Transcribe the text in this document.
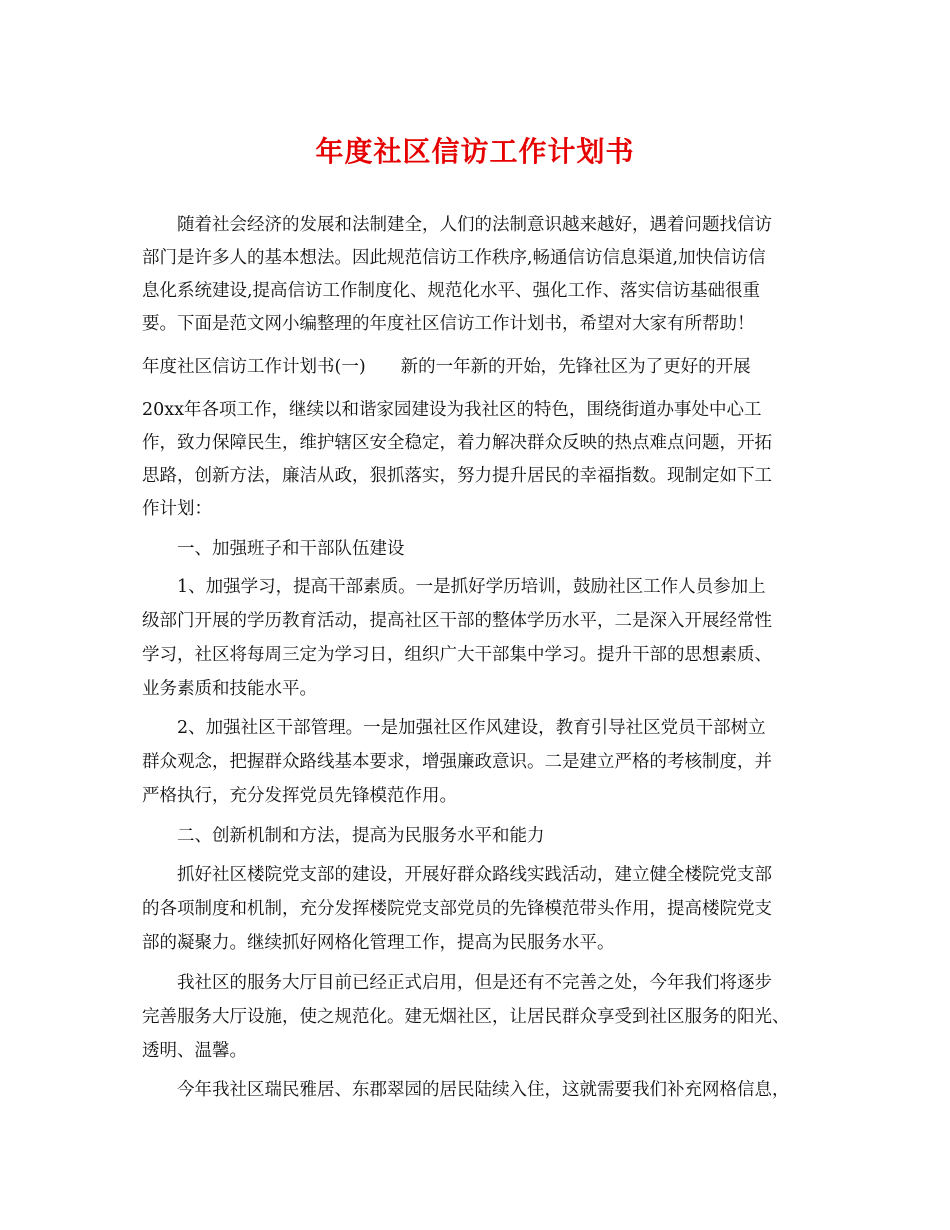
年度社区信访工作计划书
随着社会经济的发展和法制建全，人们的法制意识越来越好，遇着问题找信访
部门是许多人的基本想法。因此规范信访工作秩序,畅通信访信息渠道,加快信访信
息化系统建设,提高信访工作制度化、规范化水平、强化工作、落实信访基础很重
要。下面是范文网小编整理的年度社区信访工作计划书，希望对大家有所帮助！
年度社区信访工作计划书(一)　　新的一年新的开始，先锋社区为了更好的开展
20xx年各项工作，继续以和谐家园建设为我社区的特色，围绕街道办事处中心工
作，致力保障民生，维护辖区安全稳定，着力解决群众反映的热点难点问题，开拓
思路，创新方法，廉洁从政，狠抓落实，努力提升居民的幸福指数。现制定如下工
作计划：
一、加强班子和干部队伍建设
1、加强学习，提高干部素质。一是抓好学历培训，鼓励社区工作人员参加上
级部门开展的学历教育活动，提高社区干部的整体学历水平，二是深入开展经常性
学习，社区将每周三定为学习日，组织广大干部集中学习。提升干部的思想素质、
业务素质和技能水平。
2、加强社区干部管理。一是加强社区作风建设，教育引导社区党员干部树立
群众观念，把握群众路线基本要求，增强廉政意识。二是建立严格的考核制度，并
严格执行，充分发挥党员先锋模范作用。
二、创新机制和方法，提高为民服务水平和能力
抓好社区楼院党支部的建设，开展好群众路线实践活动，建立健全楼院党支部
的各项制度和机制，充分发挥楼院党支部党员的先锋模范带头作用，提高楼院党支
部的凝聚力。继续抓好网格化管理工作，提高为民服务水平。
我社区的服务大厅目前已经正式启用，但是还有不完善之处，今年我们将逐步
完善服务大厅设施，使之规范化。建无烟社区，让居民群众享受到社区服务的阳光、
透明、温馨。
今年我社区瑞民雅居、东郡翠园的居民陆续入住，这就需要我们补充网格信息，
